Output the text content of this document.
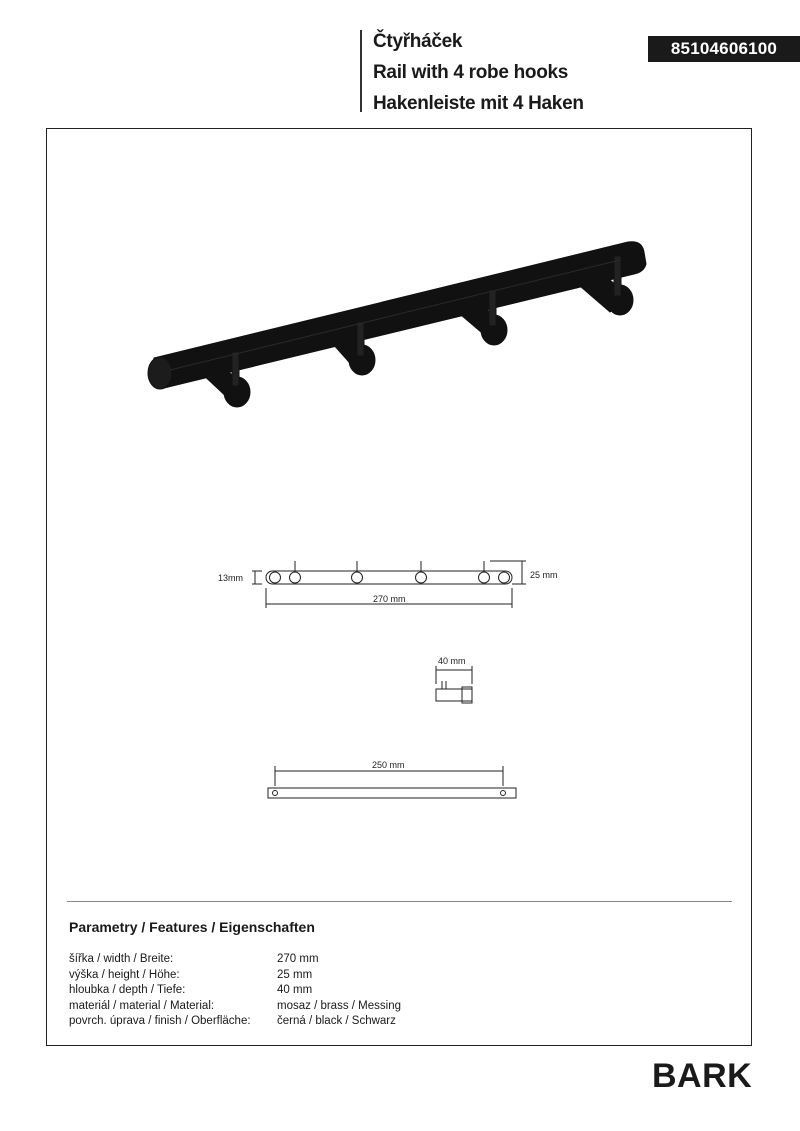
Čtyřháček
Rail with 4 robe hooks
Hakenleiste mit 4 Haken
85104606100
13mm	25 mm
270 mm
40 mm
250 mm
Parametry / Features / Eigenschaften
šířka / width / Breite:	270 mm
výška / height / Höhe:	25 mm
hloubka / depth / Tiefe:	40 mm
materiál / material / Material:	mosaz / brass / Messing
povrch. úprava / finish / Oberfläche: černá / black / Schwarz
BARK
